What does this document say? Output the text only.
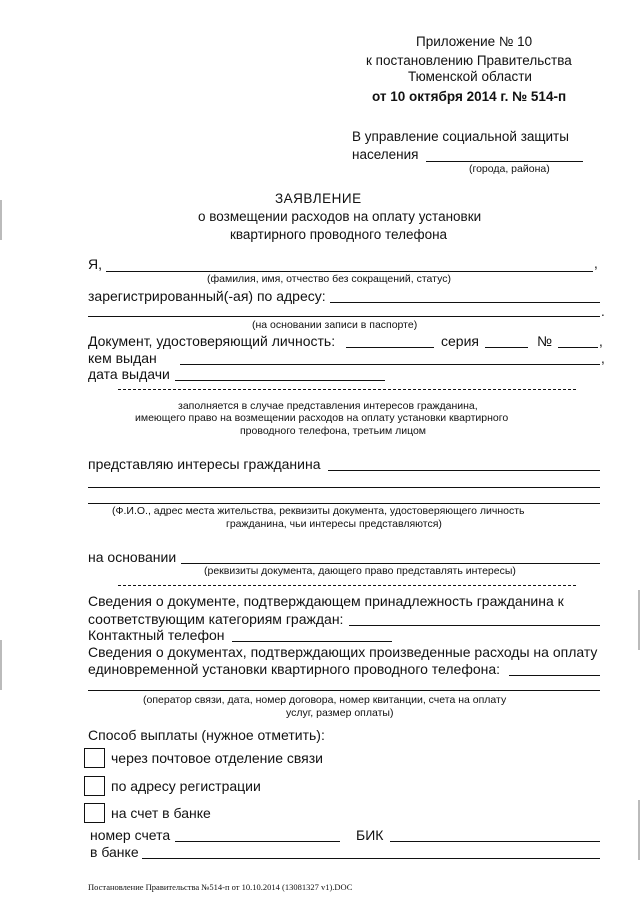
Приложение № 10
к постановлению Правительства
Тюменской области
от 10 октября 2014 г. № 514-п
В управление социальной защиты
населения
(города, района)
ЗАЯВЛЕНИЕ
о возмещении расходов на оплату установки
квартирного проводного телефона
Я,	,
(фамилия, имя, отчество без сокращений, статус)
зарегистрированный(-ая) по адресу:
.
(на основании записи в паспорте)
Документ, удостоверяющий личность:	серия	№	,
кем выдан	,
дата выдачи
заполняется в случае представления интересов гражданина,
имеющего право на возмещении расходов на оплату установки квартирного
проводного телефона, третьим лицом
представляю интересы гражданина
(Ф.И.О., адрес места жительства, реквизиты документа, удостоверяющего личность
гражданина, чьи интересы представляются)
на основании
(реквизиты документа, дающего право представлять интересы)
Сведения о документе, подтверждающем принадлежность гражданина к
соответствующим категориям граждан:
Контактный телефон
Сведения о документах, подтверждающих произведенные расходы на оплату
единовременной установки квартирного проводного телефона:
(оператор связи, дата, номер договора, номер квитанции, счета на оплату
услуг, размер оплаты)
Способ выплаты (нужное отметить):
через почтовое отделение связи
по адресу регистрации
на счет в банке
номер счета	БИК
в банке
Постановление Правительства №514-п от 10.10.2014 (13081327 v1).DOC
